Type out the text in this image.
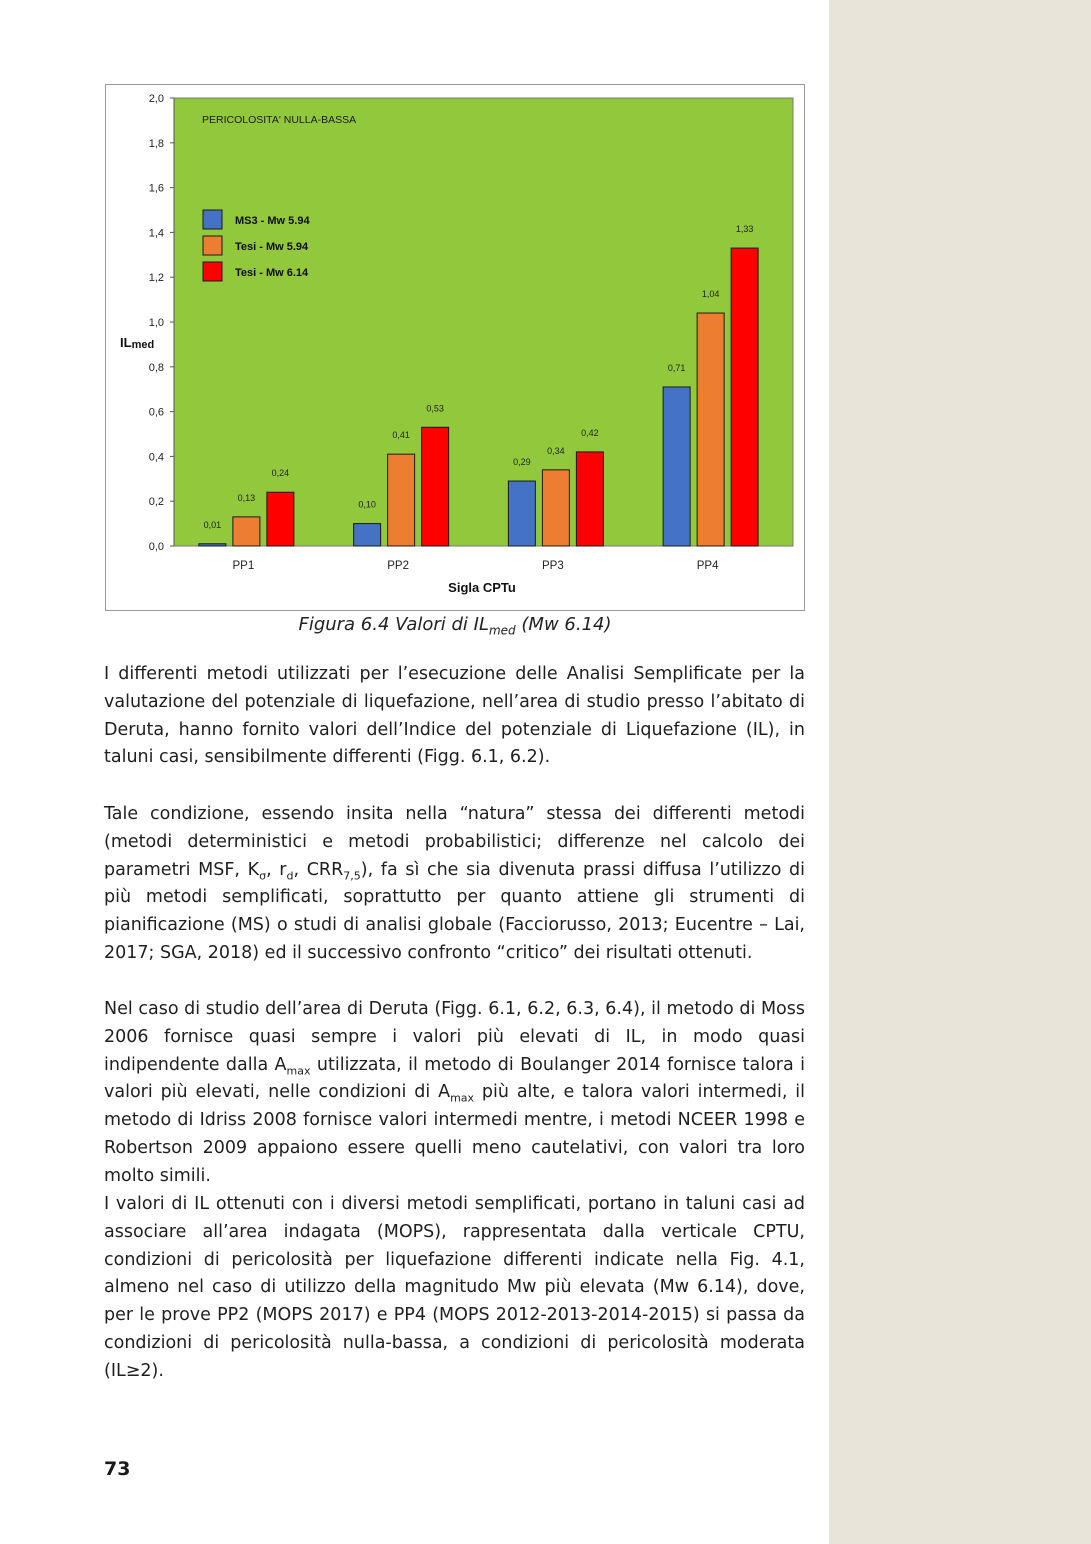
0,0
0,2
0,4
0,6
0,8
1,0
1,2
1,4
1,6
1,8
2,0
ILmed
PERICOLOSITA' NULLA-BASSA
0,01
0,13
0,24
PP1
0,10
0,41
0,53
PP2
0,29
0,34
0,42
PP3
0,71
1,04
1,33
PP4
Sigla CPTu
MS3 - Mw 5.94
Tesi - Mw 5.94
Tesi - Mw 6.14
Figura 6.4 Valori di $IL_{med}$ (Mw 6.14)

I differenti metodi utilizzati per l’esecuzione delle Analisi Semplificate per la valutazione del potenziale di liquefazione, nell’area di studio presso l’abitato di Deruta, hanno fornito valori dell’Indice del potenziale di Liquefazione (IL), in taluni casi, sensibilmente differenti (Figg. 6.1, 6.2).

Tale condizione, essendo insita nella “natura” stessa dei differenti metodi (metodi deterministici e metodi probabilistici; differenze nel calcolo dei parametri MSF, $K_\sigma$, $r_d$, $CRR_{7,5}$), fa sì che sia divenuta prassi diffusa l’utilizzo di più metodi semplificati, soprattutto per quanto attiene gli strumenti di pianificazione (MS) o studi di analisi globale (Facciorusso, 2013; Eucentre – Lai, 2017; SGA, 2018) ed il successivo confronto “critico” dei risultati ottenuti.

Nel caso di studio dell’area di Deruta (Figg. 6.1, 6.2, 6.3, 6.4), il metodo di Moss 2006 fornisce quasi sempre i valori più elevati di IL, in modo quasi indipendente dalla $A_{max}$ utilizzata, il metodo di Boulanger 2014 fornisce talora i valori più elevati, nelle condizioni di $A_{max}$ più alte, e talora valori intermedi, il metodo di Idriss 2008 fornisce valori intermedi mentre, i metodi NCEER 1998 e Robertson 2009 appaiono essere quelli meno cautelativi, con valori tra loro molto simili.

I valori di IL ottenuti con i diversi metodi semplificati, portano in taluni casi ad associare all’area indagata (MOPS), rappresentata dalla verticale CPTU, condizioni di pericolosità per liquefazione differenti indicate nella Fig. 4.1, almeno nel caso di utilizzo della magnitudo Mw più elevata (Mw 6.14), dove, per le prove PP2 (MOPS 2017) e PP4 (MOPS 2012-2013-2014-2015) si passa da condizioni di pericolosità nulla-bassa, a condizioni di pericolosità moderata (IL≥2).

73
